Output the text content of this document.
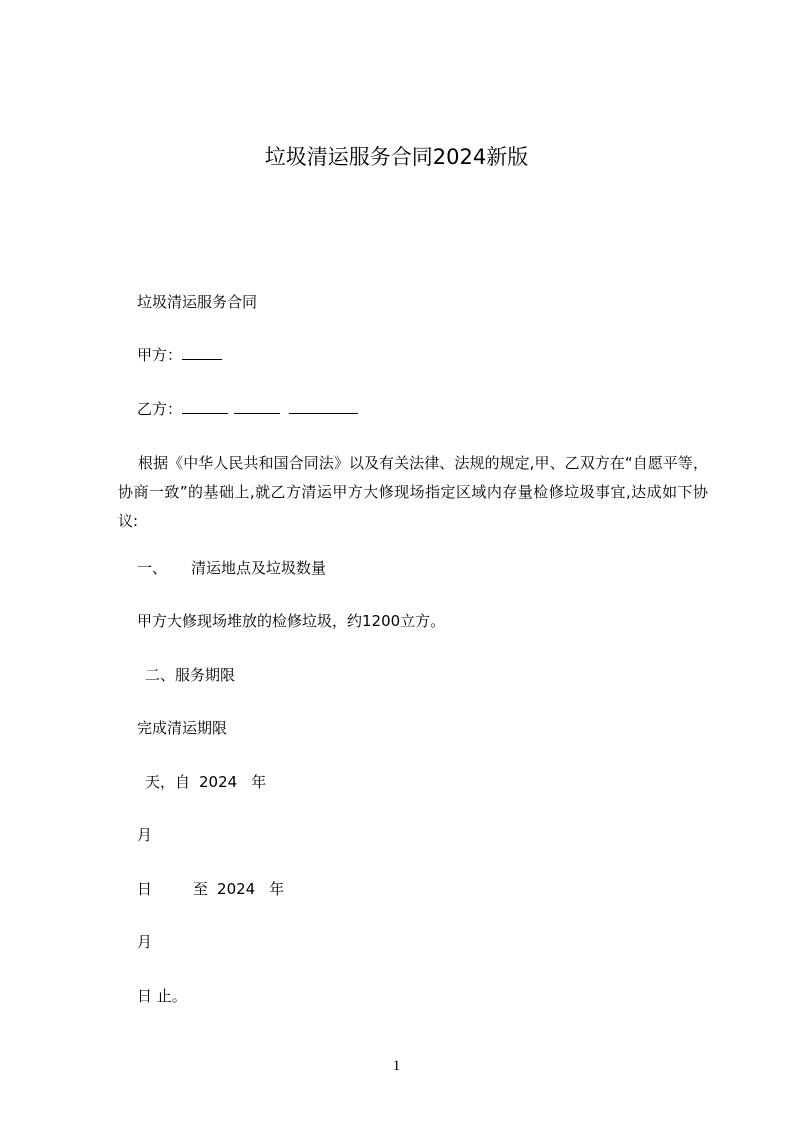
垃圾清运服务合同2024新版
垃圾清运服务合同
甲方：
乙方：
根据《中华人民共和国合同法》以及有关法律、法规的规定,甲、乙双方在“自愿平等，协商一致”的基础上,就乙方清运甲方大修现场指定区域内存量检修垃圾事宜,达成如下协议:
一、 清运地点及垃圾数量
甲方大修现场堆放的检修垃圾，约1200立方。
二、服务期限
完成清运期限
天，自 2024 年
月
日	至 2024 年
月
日 止。
1
